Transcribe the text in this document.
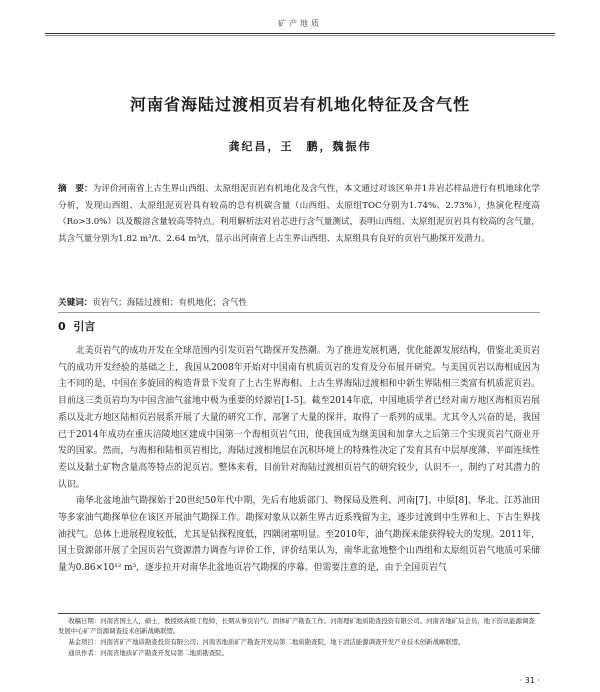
矿产地质
河南省海陆过渡相页岩有机地化特征及含气性
龚纪昌，王　鹏，魏振伟
摘　要：为评价河南省上古生界山西组、太原组泥页岩有机地化及含气性，本文通过对该区单井1井岩芯样品进行有机地球化学分析，发现山西组、太原组泥页岩具有较高的总有机碳含量（山西组、太原组TOC分别为1.74%、2.73%），热演化程度高（Ro>3.0%）以及酸溶含量较高等特点。利用解析法对岩芯进行含气量测试，表明山西组、太原组泥页岩具有较高的含气量，其含气量分别为1.82 m³/t、2.64 m³/t，显示出河南省上古生界山西组、太原组具有良好的页岩气勘探开发潜力。
关键词：页岩气；海陆过渡相；有机地化；含气性
0 引言

北美页岩气的成功开发在全球范围内引发页岩气勘探开发热潮。为了推进发展机遇，优化能源发展结构，借鉴北美页岩气的成功开发经验的基础之上，我国从2008年开始对中国南有机质页岩的发育及分布展开研究。与美国页岩以海相成因为主不同的是，中国在多旋回的构造背景下发育了上古生界海相、上古生界海陆过渡相和中新生界陆相三类富有机质泥页岩。目前这三类页岩均为中国含油气盆地中极为重要的烃源岩[1-5]。截至2014年底，中国地质学者已经对南方地区海相页岩展系以及北方地区陆相页岩展系开展了大量的研究工作，部署了大量的探井，取得了一系列的成果。尤其令人兴奋的是，我国已于2014年成功在重庆涪陵地区建成中国第一个海相页岩气田，使我国成为继美国和加拿大之后第三个实现页岩气商业开发的国家。然而，与海相和陆相页岩相比，海陆过渡相地层在沉积环境上的特殊性决定了发育其有中层厚度薄、平面连续性差以及黏土矿物含量高等特点的泥页岩。整体来看，目前针对海陆过渡相页岩气的研究较少，认识不一，制约了对其潜力的认识。

南华北盆地油气勘探始于20世纪50年代中期，先后有地质部门、物探局及胜利、河南[7]、中原[8]、华北、江苏油田等多家油气勘探单位在该区开展油气勘探工作。勘探对象从以新生界古近系残留为主，逐步过渡到中生界和上、下古生界找油找气。总体上进展程度较低，尤其是钻探程度低，四隅闭塞明显。至2010年，油气勘探未能获得较大的发现。2011年，国土资源部开展了全国页岩气资源潜力调查与评价工作，评价结果认为，南华北盆地整个山西组和太原组页岩气地质可采储量为0.86×10¹² m³，逐步拉开对南华北盆地页岩气勘探的序幕。但需要注意的是，由于全国页岩气

收稿日期：河南省国土人，硕士，教授级高级工程师，长期从事页岩气、固体矿产勘查工作。河南理矿地质勘查投资有限公司。河南省地矿局会员，地下资讯能源调查发展中心矿产资源调查技术创新战略联盟。

基金项目：河南省矿产地质勘查投资有限公司；河南省地质矿产勘查开发局第二地质勘查院，地下清洁能源调查开发产业技术创新战略联盟。

通讯作者：河南省地质矿产勘查开发局第二地质勘查院。

· 31 ·
